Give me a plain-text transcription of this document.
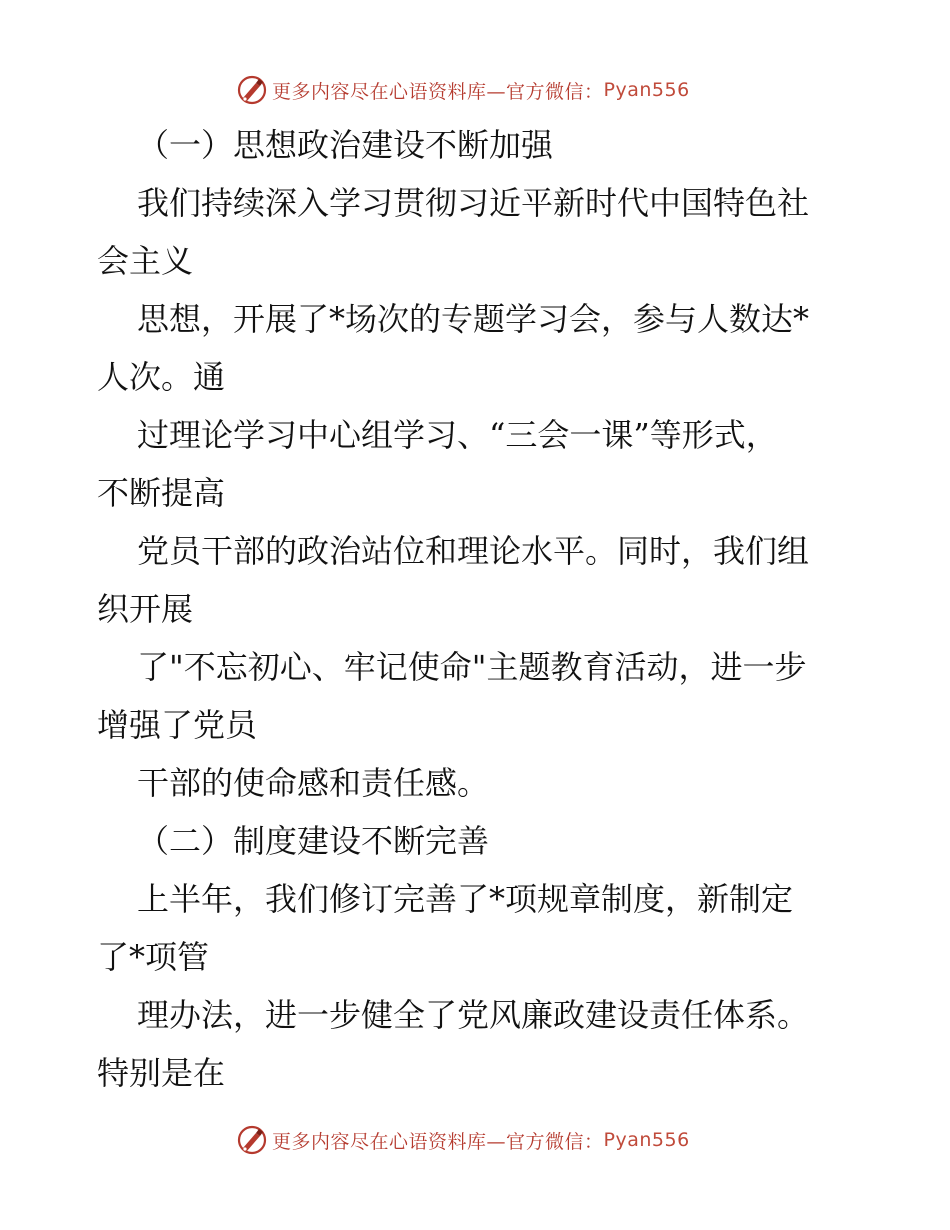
更多内容尽在心语资料库—官方微信： Pyan556

（一）思想政治建设不断加强

我们持续深入学习贯彻习近平新时代中国特色社

会主义

思想，开展了*场次的专题学习会，参与人数达*

人次。通

过理论学习中心组学习、“三会一课”等形式，

不断提高

党员干部的政治站位和理论水平。同时，我们组

织开展

了"不忘初心、牢记使命"主题教育活动，进一步

增强了党员

干部的使命感和责任感。

（二）制度建设不断完善

上半年，我们修订完善了*项规章制度，新制定

了*项管

理办法，进一步健全了党风廉政建设责任体系。

特别是在

更多内容尽在心语资料库—官方微信： Pyan556
